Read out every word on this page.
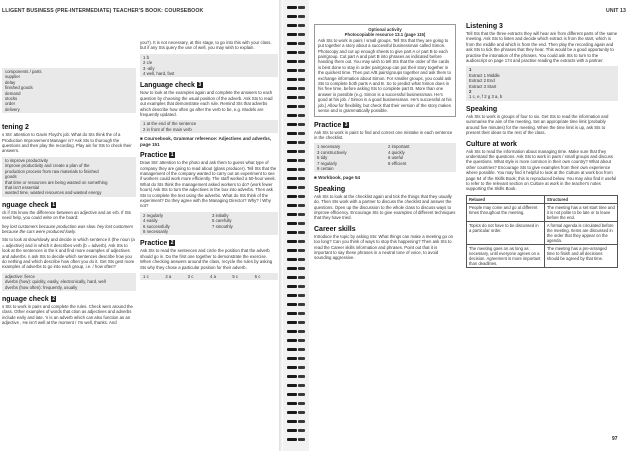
LLIGENT BUSINESS (PRE-INTERMEDIATE) TEACHER'S BOOK: COURSEBOOK	UNIT 13
components / parts
supplier
delay
finished goods
demand
stocks
order
delivery
tening 2
s Sts' attention to Gavin Floyd's job. What do Sts think the of a Production Improvement Manager is? Ask Sts to thorough the questions and then play the recording. Play ain for Sts to check their answers.
to improve productivity
improve productivity and create a plan of the
production process from raw materials to finished
goods
that time or resources are being wasted on something
that isn't essential
wasted time, wasted resources and wasted energy
nguage check 1
ck if Sts know the difference between an adjective and an erb. If Sts need help, you could write on the board:
hey lost customers because production was slow. hey lost customers because the cars were produced lowly.
Sts to look at slow/slowly and decide in which sentence it (the noun (a = adjective) and in which it describes verb (b = adverb). Ask Sts to look at the sentences in the k and find more examples of adjectives and adverbs. n ask Sts to decide which sentences describe how you do nething and which describe how often you do it. Get Sts gest more examples of adverbs to go into each group, i.e. / how often?
adjective: fierce
dverbs (how): quickly, easily, electronically, hard, well
dverbs (how often): frequently, usually
nguage check 2
s Sts to work in pairs and complete the rules. Check wers around the class. Other examples of words that ction as adjectives and adverbs include early and late. 'n is an adverb which can also function as an adjective , He isn't well at the moment / I'm well, thanks. And
you?). It is not necessary, at this stage, to go into this with your class, but if any Sts query the use of well, you may wish to explain.
1 b
2 c/e
3 -ally
4 well, hard, fast
Language check 3
Now to look at the examples again and complete the answers to each question by choosing the usual position of the adverb. Ask Sts to read out examples that demonstrate each rule. Remind Sts that adverbs which describe how often go after the verb to be, e.g. Models are frequently updated.
1 at the end of the sentence
2 in front of the main verb
■ Coursebook, Grammar reference: Adjectives and adverbs, page 151
Practice 1
Draw Sts' attention to the photo and ask them to guess what type of company they are going to read about (glass producer). Tell Sts that the management of the company wanted to carry out an experiment to see if workers could work more efficiently. The staff worked a 50-hour week. What do Sts think the management asked workers to do? (work fewer hours) Ask Sts to turn the adjectives in the box into adverbs. Then ask Sts to complete the text using the adverbs. What do Sts think of the experiment? Do they agree with the Managing Director? Why? / Why not?
2 regularly	3 initially
4 easily	5 carefully
6 successfully	7 smoothly
8 necessarily
Practice 2
Ask Sts to read the sentences and circle the position that the adverb should go in. Do the first one together to demonstrate the exercise. When checking answers around the class, recycle the rules by asking Sts why they chose a particular position for their adverb.
1 c	2 a	3 c	4 a	5 c	6 c
Optional activity
Photocopiable resource 13.1 (page 115)
Ask Sts to work in pairs / small groups. Tell Sts that they are going to put together a story about a successful businessman called Simon. Photocopy and cut up enough sheets to give part A or part B to each pair/group. Cut part A and part B into phrases as indicated before handing them out. You may wish to tell Sts that the order of the cards is best done to stay in order pair/group can put their story together in the quickest time. Then put A/B pairs/groups together and ask them to exchange information about Simon. For smaller groups, you could ask Sts to complete both parts A and B. So to predict what Simon does in his free time, before asking Sts to complete part B. More than one answer is possible (e.g. Simon is a successful businessman. He's good at his job. / Simon is a good businessman. He's successful at his job.) Allow for flexibility, but check that their version of the story makes sense and is grammatically possible.
Practice 3
Ask Sts to work in pairs to find and correct one mistake in each sentence in the checklist.
1 necessary	2 important
3 constructively	4 quickly
5 tidy	6 useful
7 regularly	8 efficient
9 certain
■ Workbook, page 54
Speaking
Ask Sts to look at the checklist again and tick the things that they usually do. Then Sts work with a partner to discuss the checklist and answer the questions. Open up the discussion to the whole class to discuss ways to improve efficiency. Encourage Sts to give examples of different techniques that they have tried.
Career skills
Introduce the topic by asking Sts: What things can make a meeting go on too long? Can you think of ways to stop this happening? Then ask Sts to read the Career skills information and phrases. Point out that it is important to say these phrases in a neutral tone of voice, to avoid sounding aggressive.
Listening 3
Tell Sts that the three extracts they will hear are from different parts of the same meeting. Ask Sts to listen and decide which extract is from the start, which is from the middle and which is from the end. Then play the recording again and ask Sts to tick the phrases that they hear. This would be a good opportunity to practise the intonation of the phrases. You could ask Sts to turn to the audioscript on page 174 and practise reading the extracts with a partner.
1
Extract 1 Middle
Extract 2 End
Extract 3 Start
2
1 c, e, f 2 g 3 a, b
Speaking
Ask Sts to work in groups of four to six. Get Sts to read the information and summarise the aim of the meeting. Set an appropriate time limit (probably around five minutes) for the meeting. When the time limit is up, ask Sts to present their ideas to the rest of the class.
Culture at work
Ask Sts to read the information about managing time. Make sure that they understand the questions. Ask Sts to work in pairs / small groups and discuss the questions. What style is more common in their own country? What about other countries? Encourage Sts to give examples from their own experience where possible. You may find it helpful to look at the Culture at work box from page 64 of the Skills Book; this is reproduced below. You may also find it useful to refer to the relevant section on Culture at work in the teacher's notes supporting the Skills Book.
Relaxed	Structured
People may come and go at different times throughout the meeting.	The meeting has a set start time and it is not polite to be late or to leave before the end.
Topics do not have to be discussed in a particular order.	A formal agenda is circulated before the meeting. Items are discussed in the order that they appear on the agenda.
The meeting goes on as long as necessary, until everyone agrees on a decision. Agreement is more important than deadlines.	The meeting has a pre-arranged time to finish and all decisions should be agreed by that time.
97
